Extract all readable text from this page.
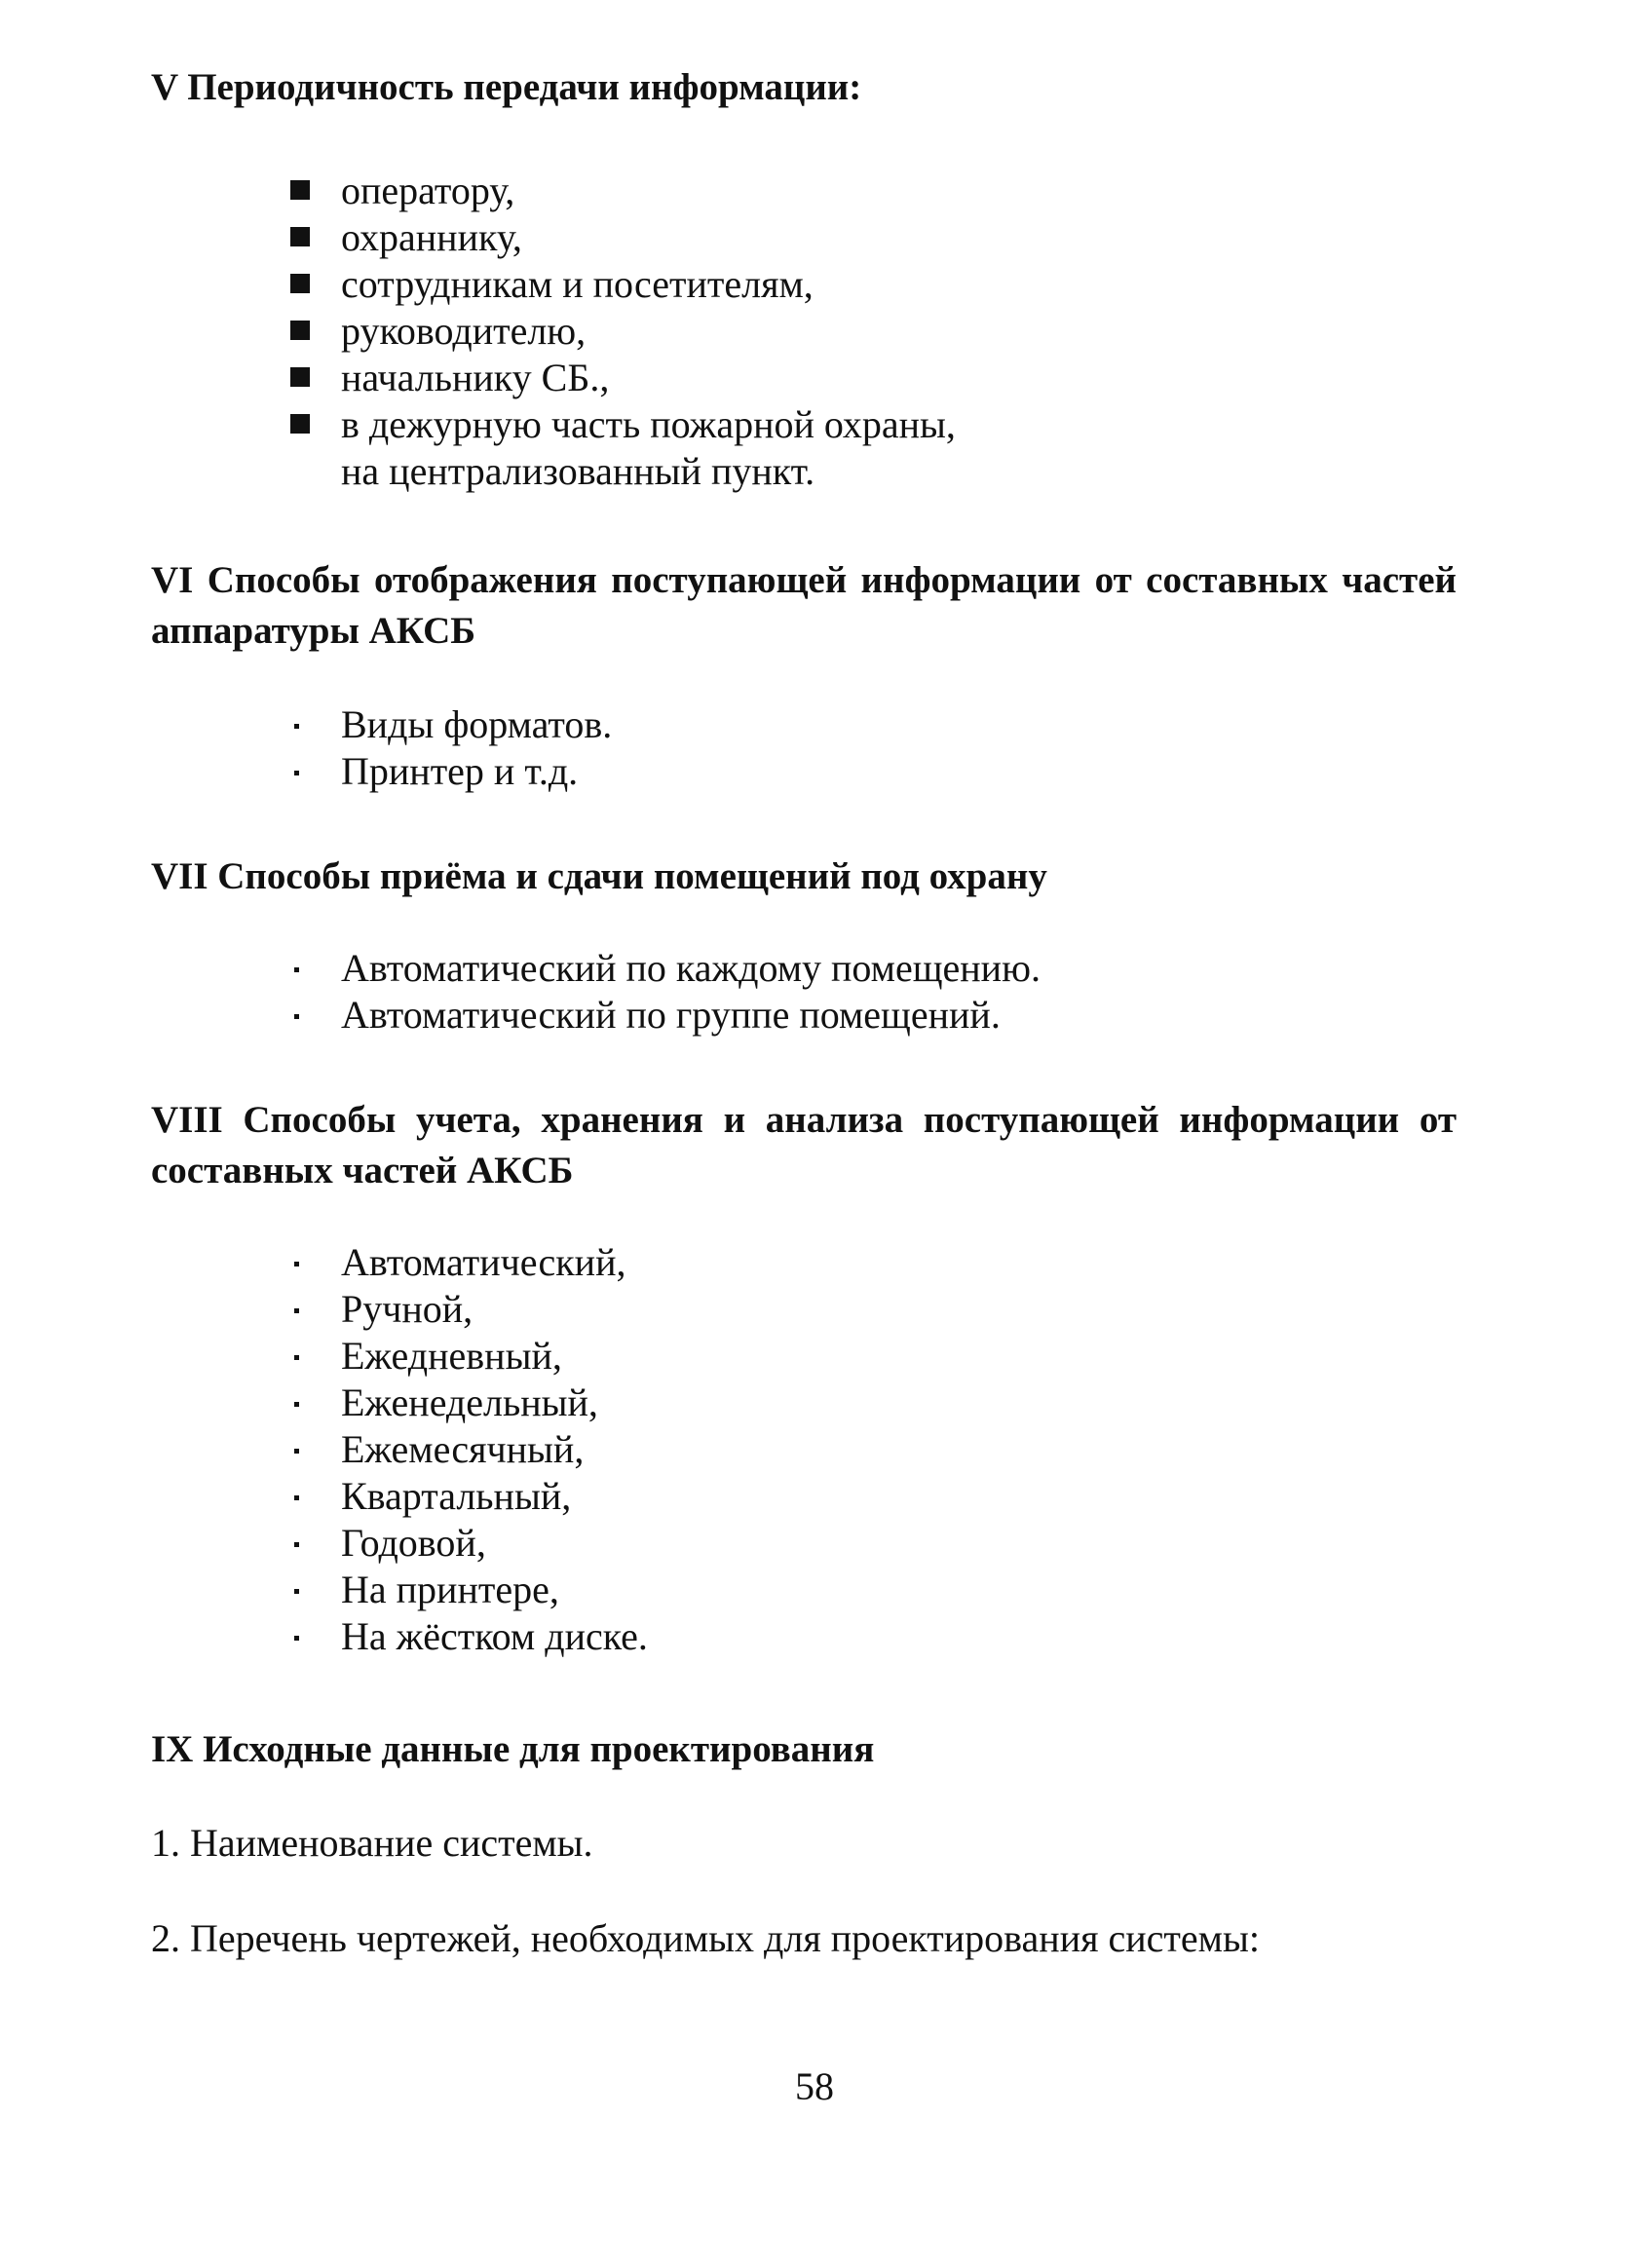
V Периодичность передачи информации:
оператору,
охраннику,
сотрудникам и посетителям,
руководителю,
начальнику СБ.,
в дежурную часть пожарной охраны,
на централизованный пункт.
VI Способы отображения поступающей информации от составных частей аппаратуры АКСБ
Виды форматов.
Принтер и т.д.
VII Способы приёма и сдачи помещений под охрану
Автоматический по каждому помещению.
Автоматический по группе помещений.
VIII Способы учета, хранения и анализа поступающей информации от составных частей АКСБ
Автоматический,
Ручной,
Ежедневный,
Еженедельный,
Ежемесячный,
Квартальный,
Годовой,
На принтере,
На жёстком диске.
IX Исходные данные для проектирования

1. Наименование системы.

2. Перечень чертежей, необходимых для проектирования системы:

58
